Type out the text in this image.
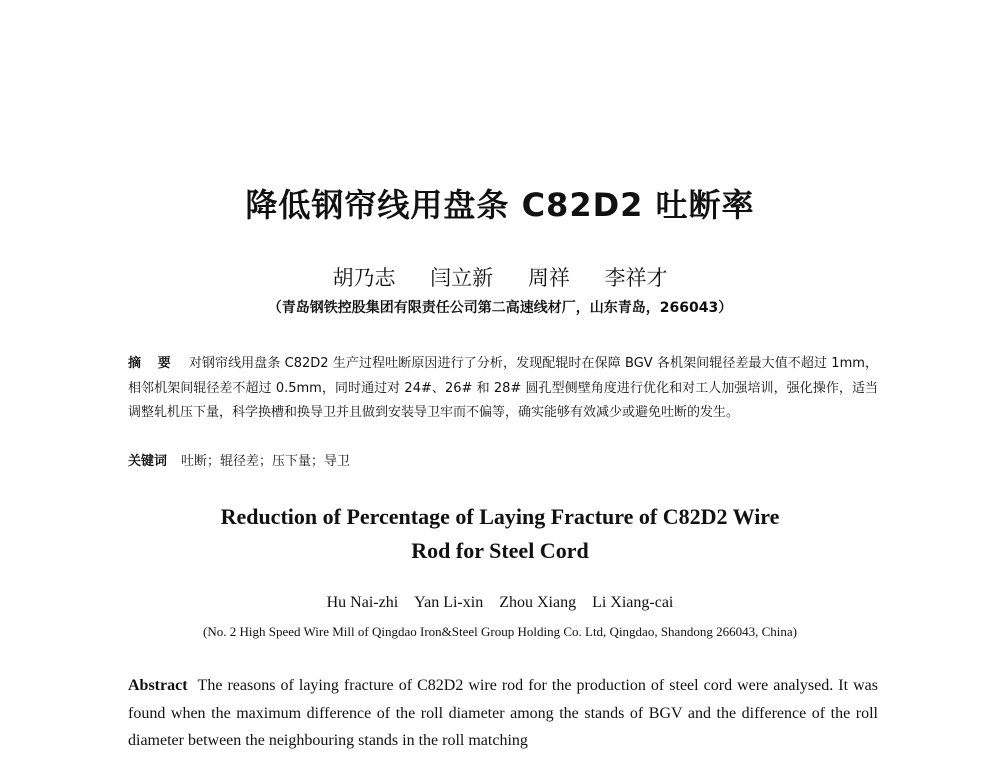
降低钢帘线用盘条 C82D2 吐断率
胡乃志 闫立新 周祥 李祥才
（青岛钢铁控股集团有限责任公司第二高速线材厂，山东青岛，266043）
摘 要 对钢帘线用盘条 C82D2 生产过程吐断原因进行了分析，发现配辊时在保障 BGV 各机架间辊径差最大值不超过 1mm，相邻机架间辊径差不超过 0.5mm，同时通过对 24#、26# 和 28# 圆孔型侧壁角度进行优化和对工人加强培训，强化操作，适当调整轧机压下量，科学换槽和换导卫并且做到安装导卫牢而不偏等，确实能够有效减少或避免吐断的发生。
关键词 吐断；辊径差；压下量；导卫
Reduction of Percentage of Laying Fracture of C82D2 Wire
Rod for Steel Cord
Hu Nai-zhi Yan Li-xin Zhou Xiang Li Xiang-cai
(No. 2 High Speed Wire Mill of Qingdao Iron&Steel Group Holding Co. Ltd, Qingdao, Shandong 266043, China)
Abstract The reasons of laying fracture of C82D2 wire rod for the production of steel cord were analysed. It was found when the maximum difference of the roll diameter among the stands of BGV and the difference of the roll diameter between the neighbouring stands in the roll matching
